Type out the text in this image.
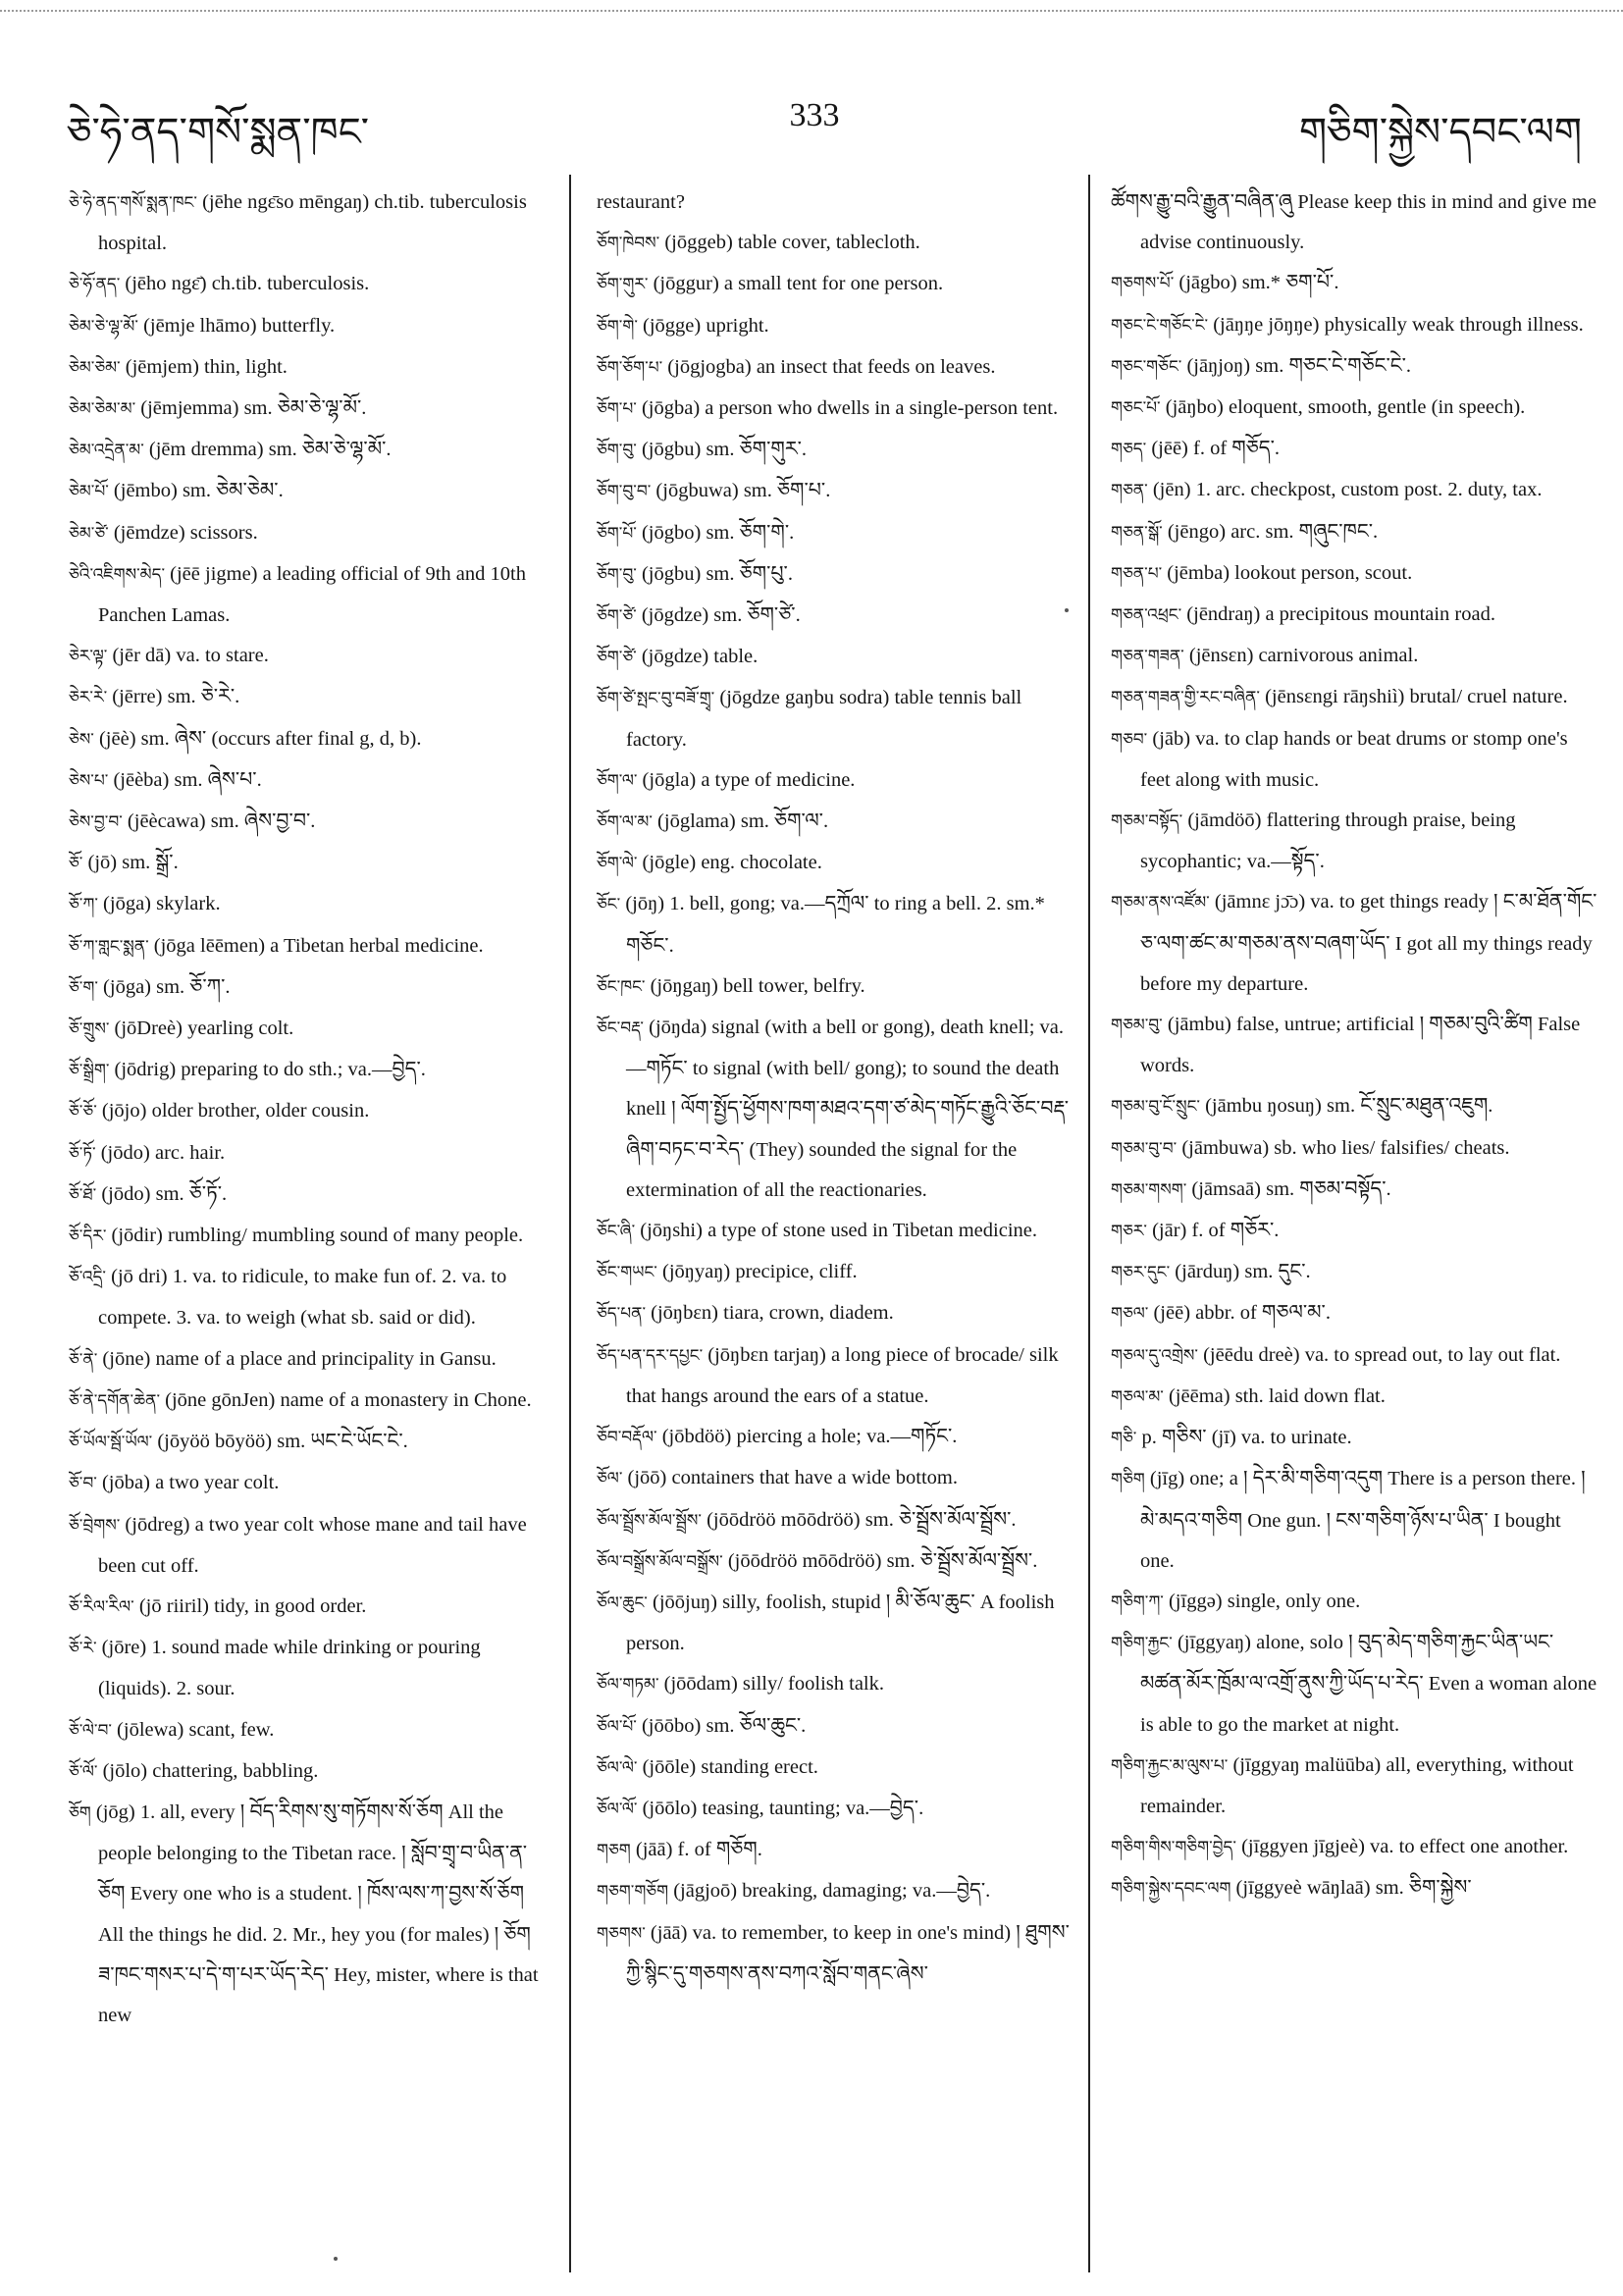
ཅེ་ཧེ་ནད་གསོ་སྨན་ཁང་	333	གཅིག་སྐྱེས་དབང་ལག
ཅེ་ཧེ་ནད་གསོ་སྨན་ཁང་ (jēhe ngɛ̄so mēngaŋ) ch.tib. tuberculosis hospital.
ཅེ་ཧོ་ནད་ (jēho ngɛ̄) ch.tib. tuberculosis.
ཅེམ་ཅེ་ལྷ་མོ་ (jēmje lhāmo) butterfly.
ཅེམ་ཅེམ་ (jēmjem) thin, light.
ཅེམ་ཅེམ་མ་ (jēmjemma) sm. ཅེམ་ཅེ་ལྷ་མོ་.
ཅེམ་འདྲེན་མ་ (jēm dremma) sm. ཅེམ་ཅེ་ལྷ་མོ་.
ཅེམ་པོ་ (jēmbo) sm. ཅེམ་ཅེམ་.
ཅེམ་ཙེ་ (jēmdze) scissors.
ཅེའི་འཇིགས་མེད་ (jēē jigme) a leading official of 9th and 10th Panchen Lamas.
ཅེར་ལྟ་ (jēr dā) va. to stare.
ཅེར་རེ་ (jērre) sm. ཅེ་རེ་.
ཅེས་ (jēè) sm. ཞེས་ (occurs after final g, d, b).
ཅེས་པ་ (jēèba) sm. ཞེས་པ་.
ཅེས་བྱ་བ་ (jēècawa) sm. ཞེས་བྱ་བ་.
ཅོ་ (jō) sm. སྒྲོ་.
ཅོ་ཀ་ (jōga) skylark.
ཅོ་ཀ་གླང་སྨན་ (jōga lēēmen) a Tibetan herbal medicine.
ཅོ་ག་ (jōga) sm. ཅོ་ཀ་.
ཅོ་གྲུས་ (jōDreè) yearling colt.
ཅོ་སྒྲིག་ (jōdrig) preparing to do sth.; va.—བྱེད་.
ཅོ་ཅོ་ (jōjo) older brother, older cousin.
ཅོ་ཏོ་ (jōdo) arc. hair.
ཅོ་ཐོ་ (jōdo) sm. ཅོ་ཏོ་.
ཅོ་དིར་ (jōdir) rumbling/ mumbling sound of many people.
ཅོ་འདྲི་ (jō dri) 1. va. to ridicule, to make fun of. 2. va. to compete. 3. va. to weigh (what sb. said or did).
ཅོ་ནེ་ (jōne) name of a place and principality in Gansu.
ཅོ་ནེ་དགོན་ཆེན་ (jōne gōnJen) name of a monastery in Chone.
ཅོ་ཡོལ་སྦོ་ཡོལ་ (jōyöö bōyöö) sm. ཡང་ངེ་ཡོང་ངེ་.
ཅོ་བ་ (jōba) a two year colt.
ཅོ་བྲེགས་ (jōdreg) a two year colt whose mane and tail have been cut off.
ཅོ་རིལ་རིལ་ (jō riiril) tidy, in good order.
ཅོ་རེ་ (jōre) 1. sound made while drinking or pouring (liquids). 2. sour.
ཅོ་ལེ་བ་ (jōlewa) scant, few.
ཅོ་ལོ་ (jōlo) chattering, babbling.
ཅོག (jōg) 1. all, every ། བོད་རིགས་སུ་གཏོགས་སོ་ཅོག All the people belonging to the Tibetan race. ། སློབ་གྲྭ་བ་ཡིན་ན་ཅོག Every one who is a student. ། ཁོས་ལས་ཀ་བྱས་སོ་ཅོག All the things he did. 2. Mr., hey you (for males) ། ཅོག ཟ་ཁང་གསར་པ་དེ་ག་པར་ཡོད་རེད་ Hey, mister, where is that new
restaurant?
ཅོག་ཁེབས་ (jōggeb) table cover, tablecloth.
ཅོག་གུར་ (jōggur) a small tent for one person.
ཅོག་གེ་ (jōgge) upright.
ཅོག་ཅོག་པ་ (jōgjogba) an insect that feeds on leaves.
ཅོག་པ་ (jōgba) a person who dwells in a single-person tent.
ཅོག་བུ་ (jōgbu) sm. ཅོག་གུར་.
ཅོག་བུ་བ་ (jōgbuwa) sm. ཅོག་པ་.
ཅོག་པོ་ (jōgbo) sm. ཅོག་གེ་.
ཅོག་བུ་ (jōgbu) sm. ཅོག་པུ་.
ཅོག་ཙེ་ (jōgdze) sm. ཅོག་ཙེ་.
ཅོག་ཙེ་ (jōgdze) table.
ཅོག་ཙེ་སྤང་བུ་བཟོ་གྲྭ་ (jōgdze gaŋbu sodra) table tennis ball factory.
ཅོག་ལ་ (jōgla) a type of medicine.
ཅོག་ལ་མ་ (jōglama) sm. ཅོག་ལ་.
ཅོག་ལེ་ (jōgle) eng. chocolate.
ཅོང་ (jōŋ) 1. bell, gong; va.—དཀྲོལ་ to ring a bell. 2. sm.* གཅོང་.
ཅོང་ཁང་ (jōŋgaŋ) bell tower, belfry.
ཅོང་བརྡ་ (jōŋda) signal (with a bell or gong), death knell; va.—གཏོང་ to signal (with bell/ gong); to sound the death knell ། ལོག་སྤྱོད་ཕྱོགས་ཁག་མཐའ་དག་ཙ་མེད་གཏོང་རྒྱུའི་ཅོང་བརྡ་ཞིག་བཏང་བ་རེད་ (They) sounded the signal for the extermination of all the reactionaries.
ཅོང་ཞི་ (jōŋshi) a type of stone used in Tibetan medicine.
ཅོང་གཡང་ (jōŋyaŋ) precipice, cliff.
ཅོད་པན་ (jōŋbɛn) tiara, crown, diadem.
ཅོད་པན་དར་དཔྱང་ (jōŋbɛn tarjaŋ) a long piece of brocade/ silk that hangs around the ears of a statue.
ཅོབ་བརྡོལ་ (jōbdöö) piercing a hole; va.—གཏོང་.
ཅོལ་ (jōō) containers that have a wide bottom.
ཅོལ་སྦྲོས་མོལ་སྦྲོས་ (jōōdröö mōōdröö) sm. ཅེ་སྦྲོས་མོལ་སྦྲོས་.
ཅོལ་བསྒྲོས་མོལ་བསྒྲོས་ (jōōdröö mōōdröö) sm. ཅེ་སྦྲོས་མོལ་སྦྲོས་.
ཅོལ་ཆུང་ (jōōjuŋ) silly, foolish, stupid ། མི་ཅོལ་ཆུང་ A foolish person.
ཅོལ་གཏམ་ (jōōdam) silly/ foolish talk.
ཅོལ་པོ་ (jōōbo) sm. ཅོལ་ཆུང་.
ཅོལ་ལེ་ (jōōle) standing erect.
ཅོལ་ལོ་ (jōōlo) teasing, taunting; va.—བྱེད་.
གཅག (jāā) f. of གཅོག.
གཅག་གཅོག (jāgjoō) breaking, damaging; va.—བྱེད་.
གཅགས་ (jāā) va. to remember, to keep in one's mind) ། ཐུགས་ཀྱི་སྙིང་དུ་གཅགས་ནས་བཀའ་སློབ་གནང་ཞེས་
ཚོགས་རྒྱུ་བའི་རྒྱུན་བཞིན་ཞུ Please keep this in mind and give me advise continuously.
གཅགས་པོ་ (jāgbo) sm.* ཅག་པོ་.
གཅང་ངེ་གཅོང་ངེ་ (jāŋŋe jōŋŋe) physically weak through illness.
གཅང་གཅོང་ (jāŋjoŋ) sm. གཅང་ངེ་གཅོང་ངེ་.
གཅང་པོ་ (jāŋbo) eloquent, smooth, gentle (in speech).
གཅད་ (jēē) f. of གཅོད་.
གཅན་ (jēn) 1. arc. checkpost, custom post. 2. duty, tax.
གཅན་སྒོ་ (jēngo) arc. sm. གཞུང་ཁང་.
གཅན་པ་ (jēmba) lookout person, scout.
གཅན་འཕྲང་ (jēndraŋ) a precipitous mountain road.
གཅན་གཟན་ (jēnsɛn) carnivorous animal.
གཅན་གཟན་གྱི་རང་བཞིན་ (jēnsɛngi rāŋshiì) brutal/ cruel nature.
གཅབ་ (jāb) va. to clap hands or beat drums or stomp one's feet along with music.
གཅམ་བསྟོད་ (jāmdöō) flattering through praise, being sycophantic; va.—སྟོད་.
གཅམ་ནས་འཛོམ་ (jāmnɛ jɔ̄ɔ) va. to get things ready ། ང་མ་ཐོན་གོང་ཅ་ལག་ཚང་མ་གཅམ་ནས་བཞག་ཡོད་ I got all my things ready before my departure.
གཅམ་བུ་ (jāmbu) false, untrue; artificial ། གཅམ་བུའི་ཚིག False words.
གཅམ་བུ་ངོ་སྲུང་ (jāmbu ŋosuŋ) sm. ངོ་སྲུང་མཐུན་འཇུག.
གཅམ་བུ་བ་ (jāmbuwa) sb. who lies/ falsifies/ cheats.
གཅམ་གསག་ (jāmsaā) sm. གཅམ་བསྟོད་.
གཅར་ (jār) f. of གཅོར་.
གཅར་དུང་ (jārduŋ) sm. དུང་.
གཅལ་ (jēē) abbr. of གཅལ་མ་.
གཅལ་དུ་འགྲེས་ (jēēdu dreè) va. to spread out, to lay out flat.
གཅལ་མ་ (jēēma) sth. laid down flat.
གཅི་ p. གཅིས་ (jī) va. to urinate.
གཅིག (jīg) one; a ། དེར་མི་གཅིག་འདུག There is a person there. ། མེ་མདའ་གཅིག One gun. ། ངས་གཅིག་ཉོས་པ་ཡིན་ I bought one.
གཅིག་ཀ་ (jīggə) single, only one.
གཅིག་རྐྱང་ (jīggyaŋ) alone, solo ། བུད་མེད་གཅིག་རྐྱང་ཡིན་ཡང་མཚན་མོར་ཁྲོམ་ལ་འགྲོ་ནུས་ཀྱི་ཡོད་པ་རེད་ Even a woman alone is able to go the market at night.
གཅིག་རྐྱང་མ་ལུས་པ་ (jīggyaŋ malüūba) all, everything, without remainder.
གཅིག་གིས་གཅིག་བྱེད་ (jīggyen jīgjeè) va. to effect one another.
གཅིག་སྐྱེས་དབང་ལག (jīggyeè wāŋlaā) sm. ཅིག་སྐྱེས་
